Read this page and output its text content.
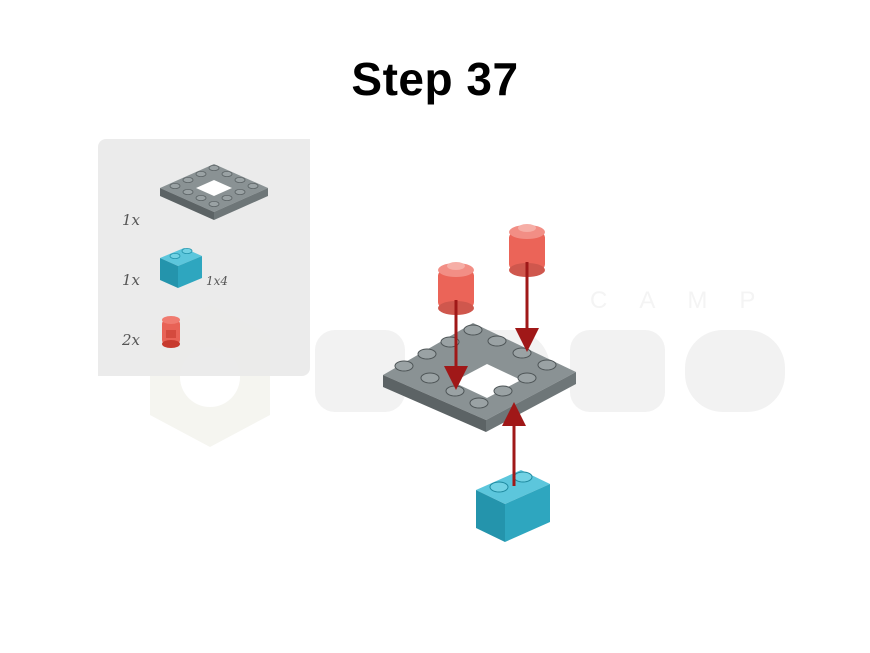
CAMP
Step 37
1x
1x	1x4
2x
